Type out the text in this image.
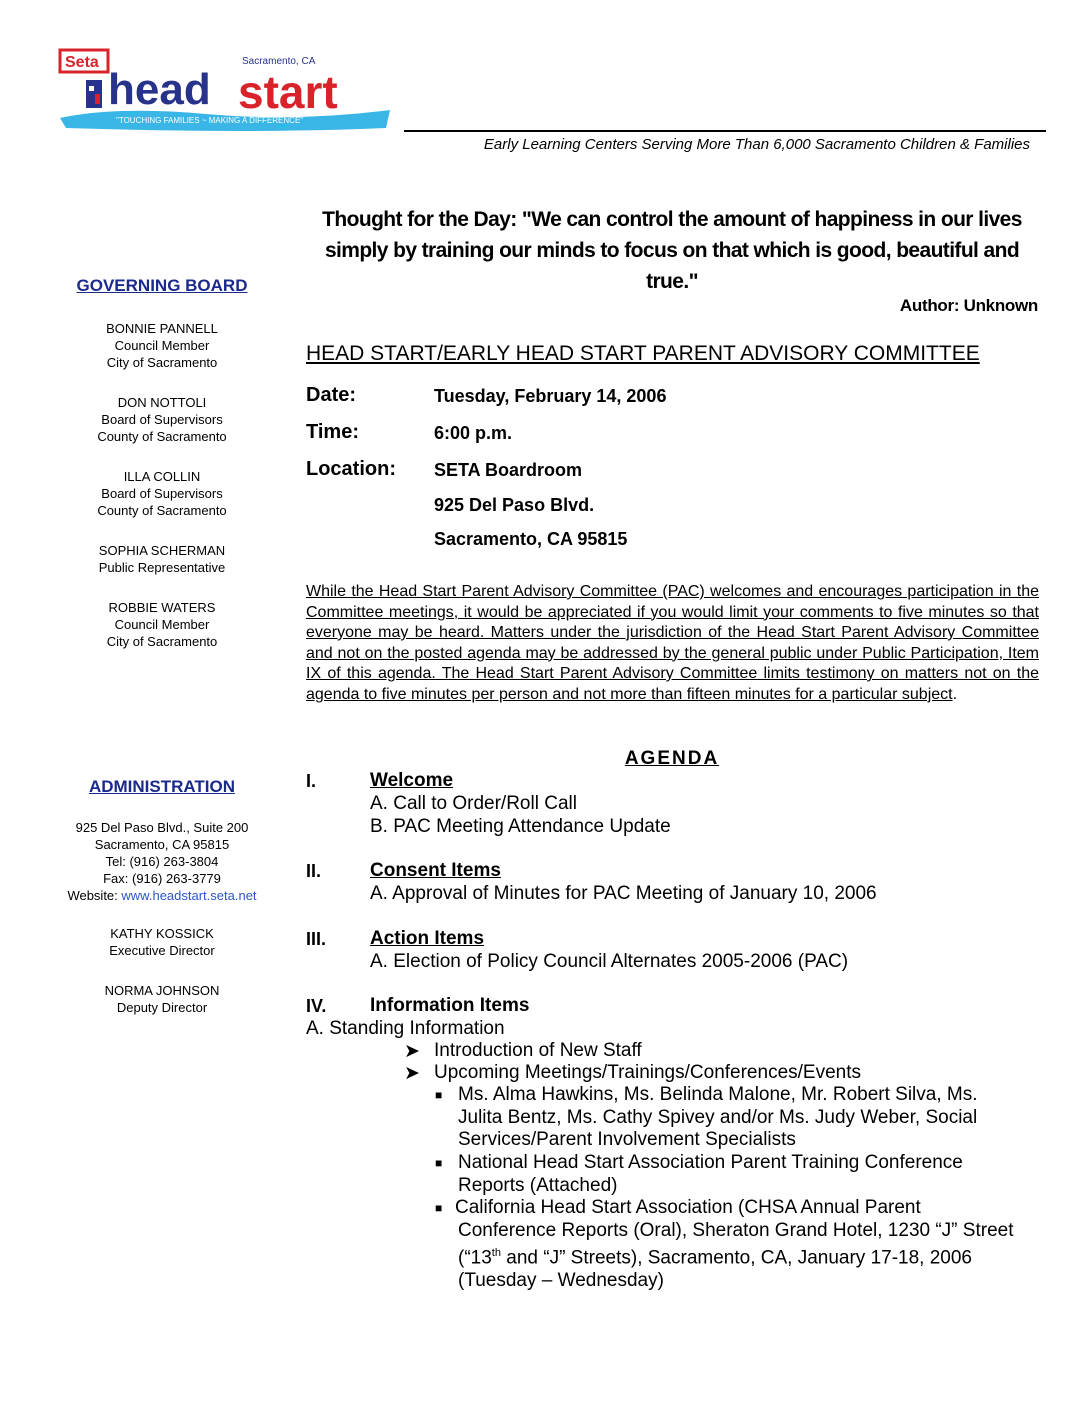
"TOUCHING FAMILIES ~ MAKING A DIFFERENCE"
Seta
head start
Sacramento, CA
Early Learning Centers Serving More Than 6,000 Sacramento Children & Families
GOVERNING BOARD
BONNIE PANNELL
Council Member
City of Sacramento
DON NOTTOLI
Board of Supervisors
County of Sacramento
ILLA COLLIN
Board of Supervisors
County of Sacramento
SOPHIA SCHERMAN
Public Representative
ROBBIE WATERS
Council Member
City of Sacramento
ADMINISTRATION
925 Del Paso Blvd., Suite 200
Sacramento, CA 95815
Tel: (916) 263-3804
Fax: (916) 263-3779
Website: www.headstart.seta.net
KATHY KOSSICK
Executive Director
NORMA JOHNSON
Deputy Director
Thought for the Day: "We can control the amount of happiness in our lives
simply by training our minds to focus on that which is good, beautiful and
true."
Author: Unknown
HEAD START/EARLY HEAD START PARENT ADVISORY COMMITTEE
Date:	Tuesday, February 14, 2006
Time:	6:00 p.m.
Location: SETA Boardroom
925 Del Paso Blvd.
Sacramento, CA 95815
While the Head Start Parent Advisory Committee (PAC) welcomes and encourages participation in the Committee meetings, it would be appreciated if you would limit your comments to five minutes so that everyone may be heard. Matters under the jurisdiction of the Head Start Parent Advisory Committee and not on the posted agenda may be addressed by the general public under Public Participation, Item IX of this agenda. The Head Start Parent Advisory Committee limits testimony on matters not on the agenda to five minutes per person and not more than fifteen minutes for a particular subject.
AGENDA
I.	Welcome
A. Call to Order/Roll Call
B. PAC Meeting Attendance Update
II.	Consent Items
A. Approval of Minutes for PAC Meeting of January 10, 2006
III. Action Items
A. Election of Policy Council Alternates 2005-2006 (PAC)
IV. Information Items
A. Standing Information
➤ Introduction of New Staff
➤ Upcoming Meetings/Trainings/Conferences/Events
■ Ms. Alma Hawkins, Ms. Belinda Malone, Mr. Robert Silva, Ms.
Julita Bentz, Ms. Cathy Spivey and/or Ms. Judy Weber, Social
Services/Parent Involvement Specialists
■ National Head Start Association Parent Training Conference
Reports (Attached)
■ California Head Start Association (CHSA Annual Parent
Conference Reports (Oral), Sheraton Grand Hotel, 1230 “J” Street
(“13th and “J” Streets), Sacramento, CA, January 17-18, 2006
(Tuesday – Wednesday)
